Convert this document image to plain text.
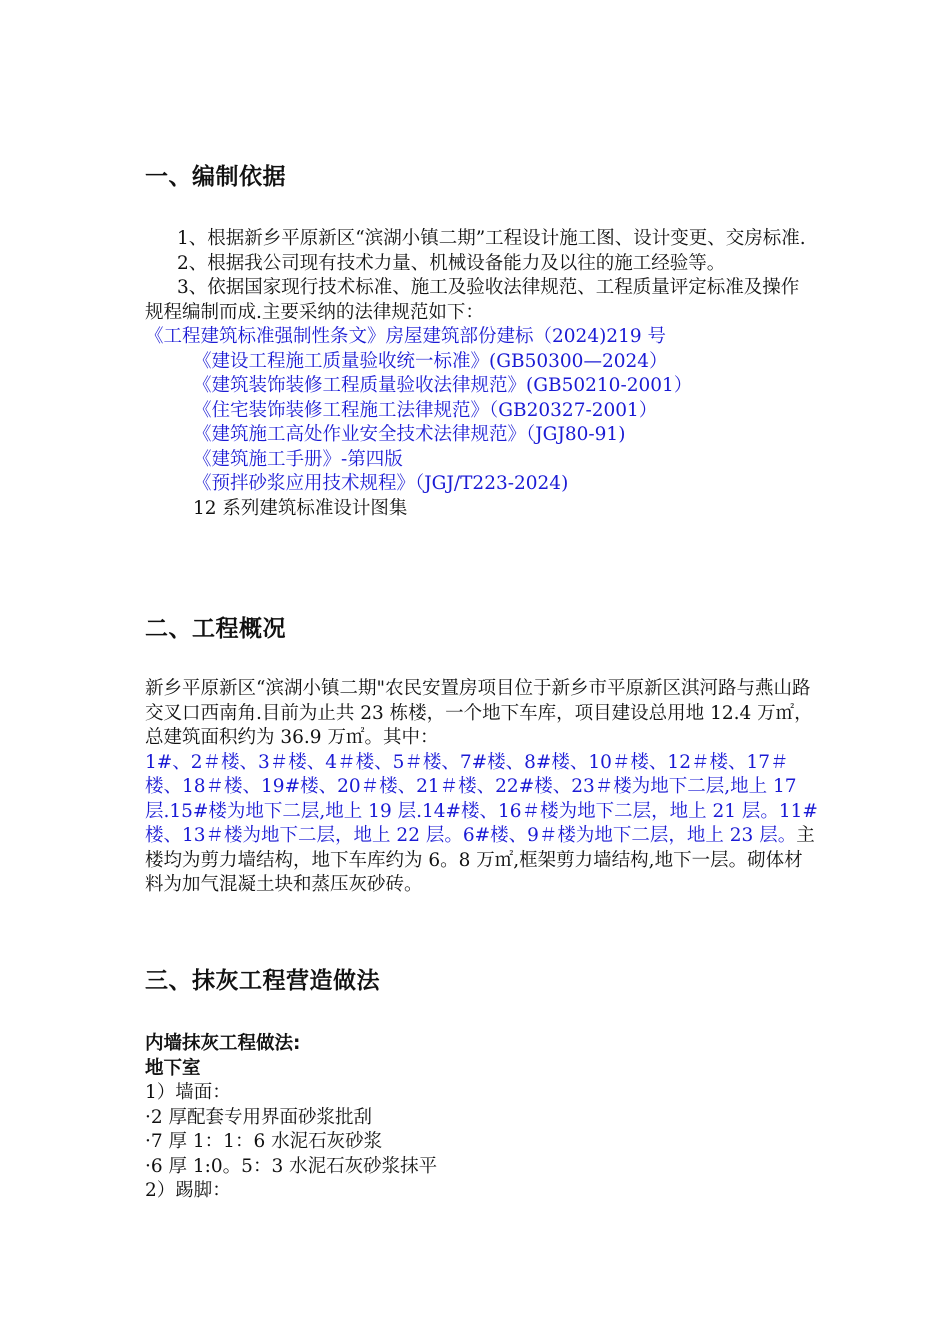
一、编制依据

1、根据新乡平原新区“滨湖小镇二期”工程设计施工图、设计变更、交房标准.

2、根据我公司现有技术力量、机械设备能力及以往的施工经验等。

3、依据国家现行技术标准、施工及验收法律规范、工程质量评定标准及操作规程编制而成.主要采纳的法律规范如下：

《工程建筑标准强制性条文》房屋建筑部份建标（2024)219 号

《建设工程施工质量验收统一标准》(GB50300—2024）

《建筑装饰装修工程质量验收法律规范》(GB50210-2001）

《住宅装饰装修工程施工法律规范》（GB20327-2001）

《建筑施工高处作业安全技术法律规范》（JGJ80-91)

《建筑施工手册》-第四版

《预拌砂浆应用技术规程》（JGJ/T223-2024)

12 系列建筑标准设计图集

二、工程概况

新乡平原新区“滨湖小镇二期"农民安置房项目位于新乡市平原新区淇河路与燕山路交叉口西南角.目前为止共 23 栋楼，一个地下车库，项目建设总用地 12.4 万㎡，总建筑面积约为 36.9 万㎡。其中：
1#、2＃楼、3＃楼、4＃楼、5＃楼、7#楼、8#楼、10＃楼、12＃楼、17＃楼、18＃楼、19#楼、20＃楼、21＃楼、22#楼、23＃楼为地下二层,地上 17 层.15#楼为地下二层,地上 19 层.14#楼、16＃楼为地下二层，地上 21 层。11#楼、13＃楼为地下二层，地上 22 层。6#楼、9＃楼为地下二层，地上 23 层。主楼均为剪力墙结构，地下车库约为 6。8 万㎡,框架剪力墙结构,地下一层。砌体材料为加气混凝土块和蒸压灰砂砖。

三、抹灰工程营造做法

内墙抹灰工程做法:

地下室

1）墙面：

·2 厚配套专用界面砂浆批刮

·7 厚 1：1：6 水泥石灰砂浆

·6 厚 1:0。5：3 水泥石灰砂浆抹平

2）踢脚：
